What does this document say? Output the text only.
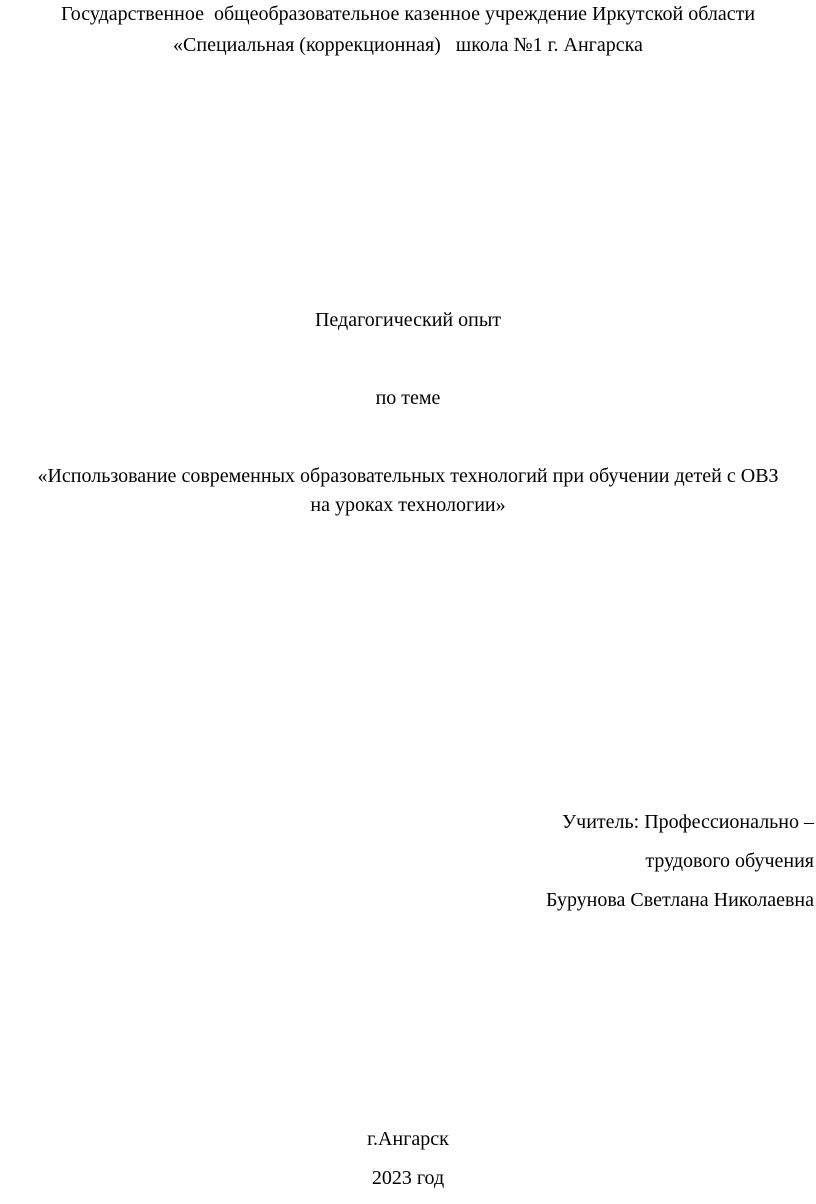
Государственное  общеобразовательное казенное учреждение Иркутской области
«Специальная (коррекционная)   школа №1 г. Ангарска
Педагогический опыт
по теме
«Использование современных образовательных технологий при обучении детей с ОВЗ
на уроках технологии»
Учитель: Профессионально –
трудового обучения
Бурунова Светлана Николаевна
г.Ангарск
2023 год
